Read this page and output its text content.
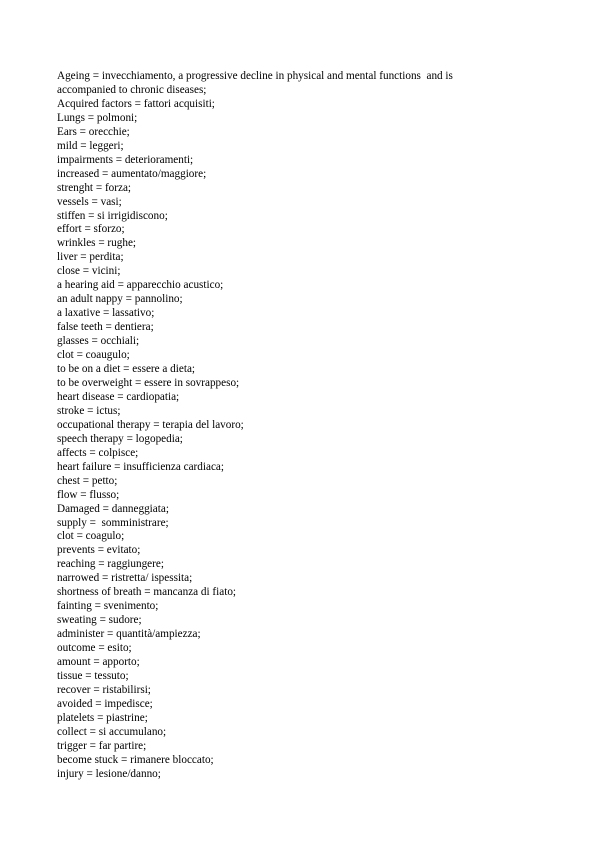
Ageing = invecchiamento, a progressive decline in physical and mental functions  and is
accompanied to chronic diseases;
Acquired factors = fattori acquisiti;
Lungs = polmoni;
Ears = orecchie;
mild = leggeri;
impairments = deterioramenti;
increased = aumentato/maggiore;
strenght = forza;
vessels = vasi;
stiffen = si irrigidiscono;
effort = sforzo;
wrinkles = rughe;
liver = perdita;
close = vicini;
a hearing aid = apparecchio acustico;
an adult nappy = pannolino;
a laxative = lassativo;
false teeth = dentiera;
glasses = occhiali;
clot = coaugulo;
to be on a diet = essere a dieta;
to be overweight = essere in sovrappeso;
heart disease = cardiopatia;
stroke = ictus;
occupational therapy = terapia del lavoro;
speech therapy = logopedia;
affects = colpisce;
heart failure = insufficienza cardiaca;
chest = petto;
flow = flusso;
Damaged = danneggiata;
supply =  somministrare;
clot = coagulo;
prevents = evitato;
reaching = raggiungere;
narrowed = ristretta/ ispessita;
shortness of breath = mancanza di fiato;
fainting = svenimento;
sweating = sudore;
administer = quantità/ampiezza;
outcome = esito;
amount = apporto;
tissue = tessuto;
recover = ristabilirsi;
avoided = impedisce;
platelets = piastrine;
collect = si accumulano;
trigger = far partire;
become stuck = rimanere bloccato;
injury = lesione/danno;
